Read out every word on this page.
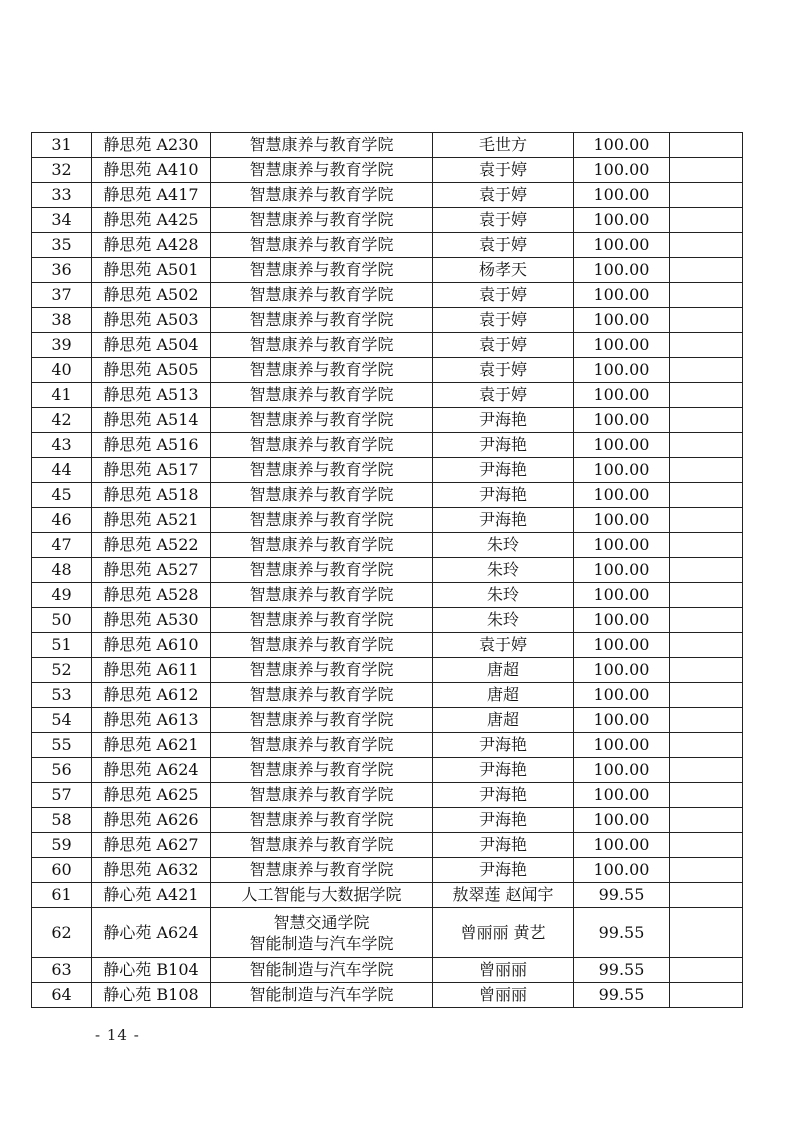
31	静思苑 A230	智慧康养与教育学院	毛世方	100.00	
32	静思苑 A410	智慧康养与教育学院	袁于婷	100.00	
33	静思苑 A417	智慧康养与教育学院	袁于婷	100.00	
34	静思苑 A425	智慧康养与教育学院	袁于婷	100.00	
35	静思苑 A428	智慧康养与教育学院	袁于婷	100.00	
36	静思苑 A501	智慧康养与教育学院	杨孝天	100.00	
37	静思苑 A502	智慧康养与教育学院	袁于婷	100.00	
38	静思苑 A503	智慧康养与教育学院	袁于婷	100.00	
39	静思苑 A504	智慧康养与教育学院	袁于婷	100.00	
40	静思苑 A505	智慧康养与教育学院	袁于婷	100.00	
41	静思苑 A513	智慧康养与教育学院	袁于婷	100.00	
42	静思苑 A514	智慧康养与教育学院	尹海艳	100.00	
43	静思苑 A516	智慧康养与教育学院	尹海艳	100.00	
44	静思苑 A517	智慧康养与教育学院	尹海艳	100.00	
45	静思苑 A518	智慧康养与教育学院	尹海艳	100.00	
46	静思苑 A521	智慧康养与教育学院	尹海艳	100.00	
47	静思苑 A522	智慧康养与教育学院	朱玲	100.00	
48	静思苑 A527	智慧康养与教育学院	朱玲	100.00	
49	静思苑 A528	智慧康养与教育学院	朱玲	100.00	
50	静思苑 A530	智慧康养与教育学院	朱玲	100.00	
51	静思苑 A610	智慧康养与教育学院	袁于婷	100.00	
52	静思苑 A611	智慧康养与教育学院	唐超	100.00	
53	静思苑 A612	智慧康养与教育学院	唐超	100.00	
54	静思苑 A613	智慧康养与教育学院	唐超	100.00	
55	静思苑 A621	智慧康养与教育学院	尹海艳	100.00	
56	静思苑 A624	智慧康养与教育学院	尹海艳	100.00	
57	静思苑 A625	智慧康养与教育学院	尹海艳	100.00	
58	静思苑 A626	智慧康养与教育学院	尹海艳	100.00	
59	静思苑 A627	智慧康养与教育学院	尹海艳	100.00	
60	静思苑 A632	智慧康养与教育学院	尹海艳	100.00	
61	静心苑 A421	人工智能与大数据学院	敖翠莲 赵闻宇	99.55	
62	静心苑 A624	智慧交通学院
智能制造与汽车学院	曾丽丽 黄艺	99.55	
63	静心苑 B104	智能制造与汽车学院	曾丽丽	99.55	
64	静心苑 B108	智能制造与汽车学院	曾丽丽	99.55	
- 14 -
